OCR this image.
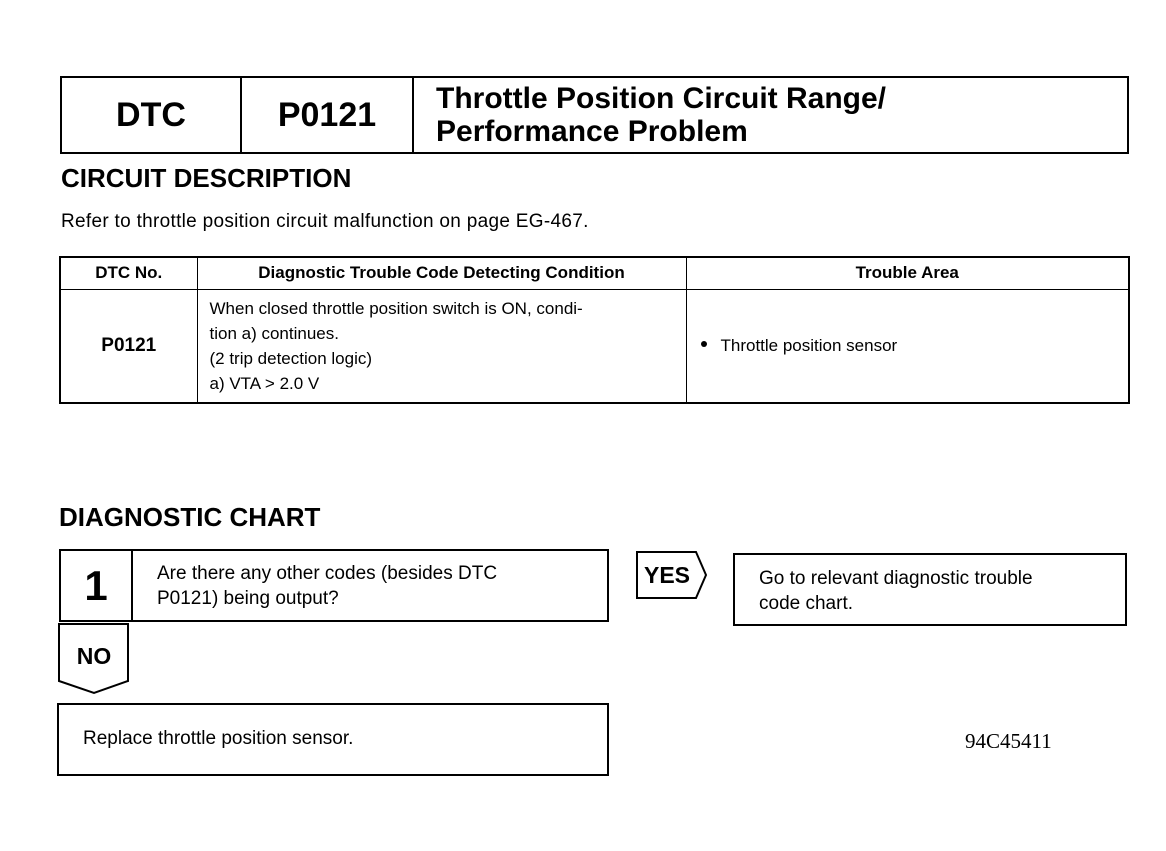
DTC	P0121	Throttle Position Circuit Range/
Performance Problem
CIRCUIT DESCRIPTION
Refer to throttle position circuit malfunction on page EG-467.
DTC No.	Diagnostic Trouble Code Detecting Condition	Trouble Area
P0121	When closed throttle position switch is ON, condi-
tion a) continues.
(2 trip detection logic)
a) VTA > 2.0 V	Throttle position sensor
DIAGNOSTIC CHART
1	Are there any other codes (besides DTC
P0121) being output?
YES	Go to relevant diagnostic trouble
code chart.
NO
Replace throttle position sensor.	94C45411
